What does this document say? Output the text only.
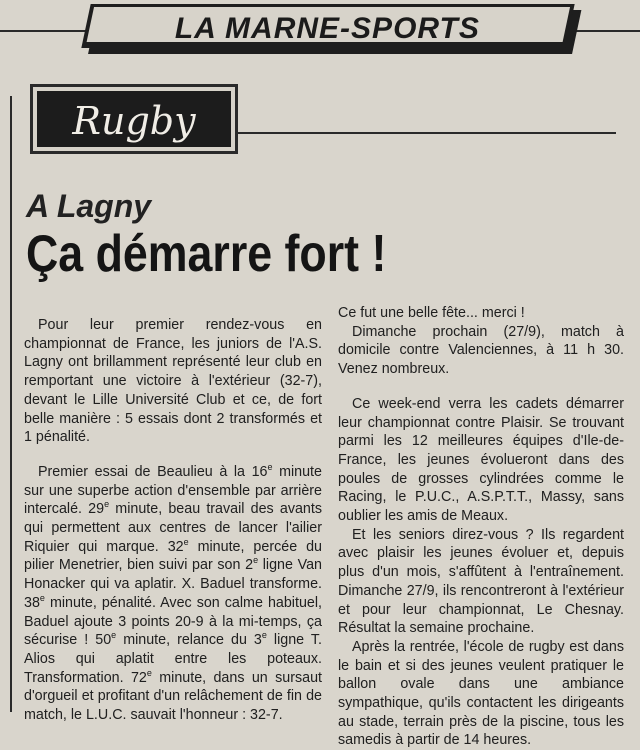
LA MARNE-SPORTS
Rugby
A Lagny
Ça démarre fort !

Pour leur premier rendez-vous en championnat de France, les juniors de l'A.S. Lagny ont brillamment représenté leur club en remportant une victoire à l'extérieur (32-7), devant le Lille Université Club et ce, de fort belle manière : 5 essais dont 2 transformés et 1 pénalité.

Premier essai de Beaulieu à la 16e minute sur une superbe action d'ensemble par arrière intercalé. 29e minute, beau travail des avants qui permettent aux centres de lancer l'ailier Riquier qui marque. 32e minute, percée du pilier Menetrier, bien suivi par son 2e ligne Van Honacker qui va aplatir. X. Baduel transforme. 38e minute, pénalité. Avec son calme habituel, Baduel ajoute 3 points 20-9 à la mi-temps, ça sécurise ! 50e minute, relance du 3e ligne T. Alios qui aplatit entre les poteaux. Transformation. 72e minute, dans un sursaut d'orgueil et profitant d'un relâchement de fin de match, le L.U.C. sauvait l'honneur : 32-7.

Ce fut une belle fête... merci !

Dimanche prochain (27/9), match à domicile contre Valenciennes, à 11 h 30. Venez nombreux.

Ce week-end verra les cadets démarrer leur championnat contre Plaisir. Se trouvant parmi les 12 meilleures équipes d'Ile-de-France, les jeunes évolueront dans des poules de grosses cylindrées comme le Racing, le P.U.C., A.S.P.T.T., Massy, sans oublier les amis de Meaux.

Et les seniors direz-vous ? Ils regardent avec plaisir les jeunes évoluer et, depuis plus d'un mois, s'affûtent à l'entraînement. Dimanche 27/9, ils rencontreront à l'extérieur et pour leur championnat, Le Chesnay. Résultat la semaine prochaine.

Après la rentrée, l'école de rugby est dans le bain et si des jeunes veulent pratiquer le ballon ovale dans une ambiance sympathique, qu'ils contactent les dirigeants au stade, terrain près de la piscine, tous les samedis à partir de 14 heures.
